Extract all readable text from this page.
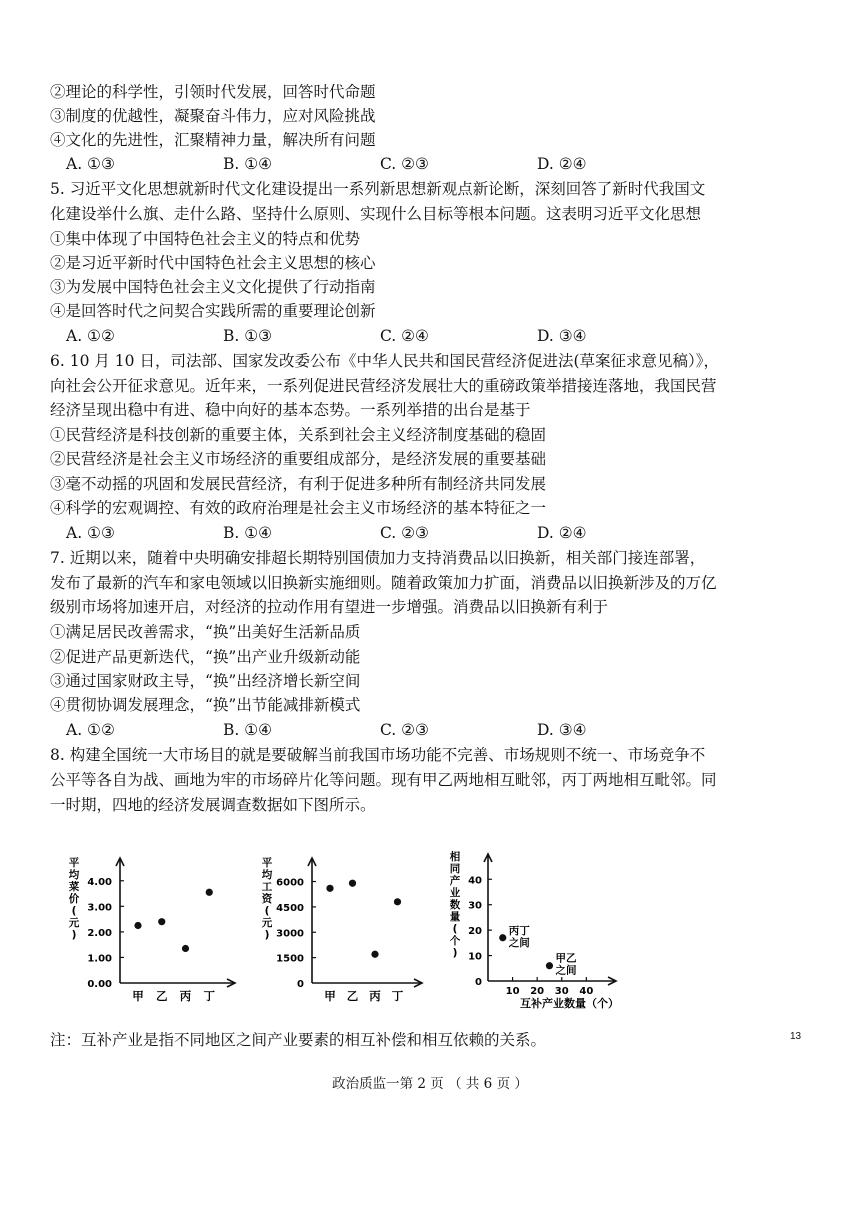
②理论的科学性，引领时代发展，回答时代命题
③制度的优越性，凝聚奋斗伟力，应对风险挑战
④文化的先进性，汇聚精神力量，解决所有问题
A. ①③	B. ①④	C. ②③	D. ②④
5. 习近平文化思想就新时代文化建设提出一系列新思想新观点新论断，深刻回答了新时代我国文
化建设举什么旗、走什么路、坚持什么原则、实现什么目标等根本问题。这表明习近平文化思想
①集中体现了中国特色社会主义的特点和优势
②是习近平新时代中国特色社会主义思想的核心
③为发展中国特色社会主义文化提供了行动指南
④是回答时代之问契合实践所需的重要理论创新
A. ①②	B. ①③	C. ②④	D. ③④
6. 10 月 10 日，司法部、国家发改委公布《中华人民共和国民营经济促进法(草案征求意见稿）》，
向社会公开征求意见。近年来，一系列促进民营经济发展壮大的重磅政策举措接连落地，我国民营
经济呈现出稳中有进、稳中向好的基本态势。一系列举措的出台是基于
①民营经济是科技创新的重要主体，关系到社会主义经济制度基础的稳固
②民营经济是社会主义市场经济的重要组成部分，是经济发展的重要基础
③毫不动摇的巩固和发展民营经济，有利于促进多种所有制经济共同发展
④科学的宏观调控、有效的政府治理是社会主义市场经济的基本特征之一
A. ①③	B. ①④	C. ②③	D. ②④
7. 近期以来，随着中央明确安排超长期特别国债加力支持消费品以旧换新，相关部门接连部署，
发布了最新的汽车和家电领域以旧换新实施细则。随着政策加力扩面，消费品以旧换新涉及的万亿
级别市场将加速开启，对经济的拉动作用有望进一步增强。消费品以旧换新有利于
①满足居民改善需求，“换”出美好生活新品质
②促进产品更新迭代，“换”出产业升级新动能
③通过国家财政主导，“换”出经济增长新空间
④贯彻协调发展理念，“换”出节能减排新模式
A. ①②	B. ①④	C. ②③	D. ③④
8. 构建全国统一大市场目的就是要破解当前我国市场功能不完善、市场规则不统一、市场竞争不
公平等各自为战、画地为牢的市场碎片化等问题。现有甲乙两地相互毗邻，丙丁两地相互毗邻。同
一时期，四地的经济发展调查数据如下图所示。
平
均
菜
价
(
元
)
0.00
1.00
2.00
3.00
4.00
甲 乙 丙 丁
平
均
工
资
(
元
)
0
1500
3000
4500
6000
甲 乙 丙 丁
相
同
产
业
数
量
(
个
)
0
10
20
30
40
10 20 30 40
互补产业数量（个）
丙丁
之间
甲乙
之间
注：互补产业是指不同地区之间产业要素的相互补偿和相互依赖的关系。	13
政治质监一第 2 页 （ 共 6 页 ）
